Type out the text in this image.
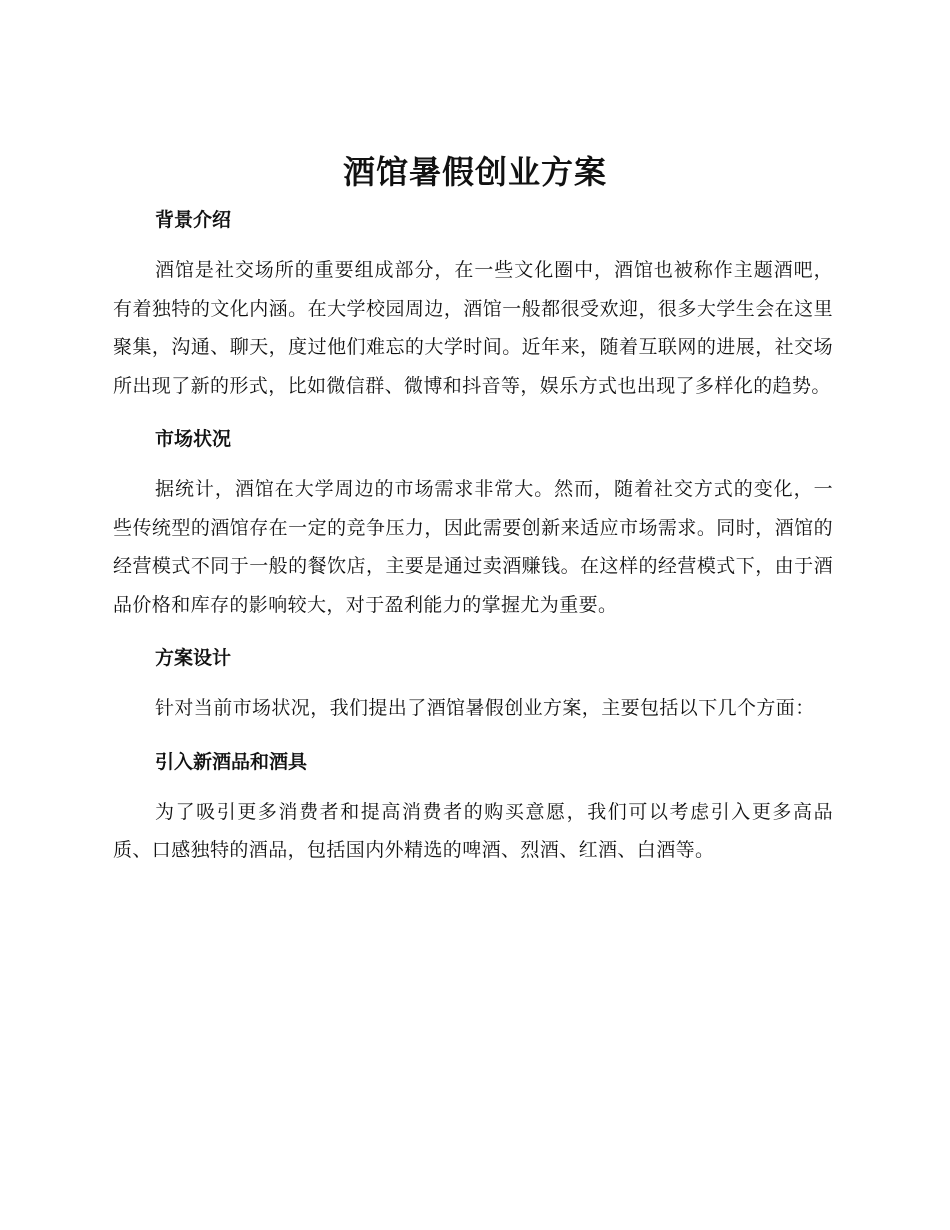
酒馆暑假创业方案
背景介绍

酒馆是社交场所的重要组成部分，在一些文化圈中，酒馆也被称作主题酒吧，有着独特的文化内涵。在大学校园周边，酒馆一般都很受欢迎，很多大学生会在这里聚集，沟通、聊天，度过他们难忘的大学时间。近年来，随着互联网的进展，社交场所出现了新的形式，比如微信群、微博和抖音等，娱乐方式也出现了多样化的趋势。

市场状况

据统计，酒馆在大学周边的市场需求非常大。然而，随着社交方式的变化，一些传统型的酒馆存在一定的竞争压力，因此需要创新来适应市场需求。同时，酒馆的经营模式不同于一般的餐饮店，主要是通过卖酒赚钱。在这样的经营模式下，由于酒品价格和库存的影响较大，对于盈利能力的掌握尤为重要。

方案设计

针对当前市场状况，我们提出了酒馆暑假创业方案，主要包括以下几个方面：

引入新酒品和酒具

为了吸引更多消费者和提高消费者的购买意愿，我们可以考虑引入更多高品质、口感独特的酒品，包括国内外精选的啤酒、烈酒、红酒、白酒等。
